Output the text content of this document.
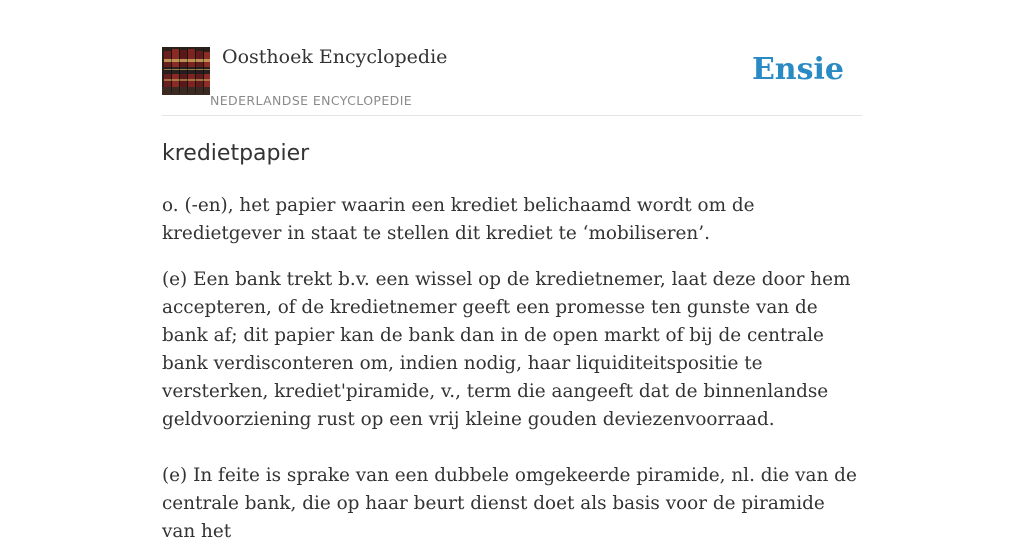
Oosthoek Encyclopedie
NEDERLANDSE ENCYCLOPEDIE
Ensie
kredietpapier

o. (-en), het papier waarin een krediet belichaamd wordt om de kredietgever in staat te stellen dit krediet te ‘mobiliseren’.

(e) Een bank trekt b.v. een wissel op de kredietnemer, laat deze door hem accepteren, of de kredietnemer geeft een promesse ten gunste van de bank af; dit papier kan de bank dan in de open markt of bij de centrale bank verdisconteren om, indien nodig, haar liquiditeitspositie te versterken, krediet'piramide, v., term die aangeeft dat de binnenlandse geldvoorziening rust op een vrij kleine gouden deviezenvoorraad.

(e) In feite is sprake van een dubbele omgekeerde piramide, nl. die van de centrale bank, die op haar beurt dienst doet als basis voor de piramide van het
